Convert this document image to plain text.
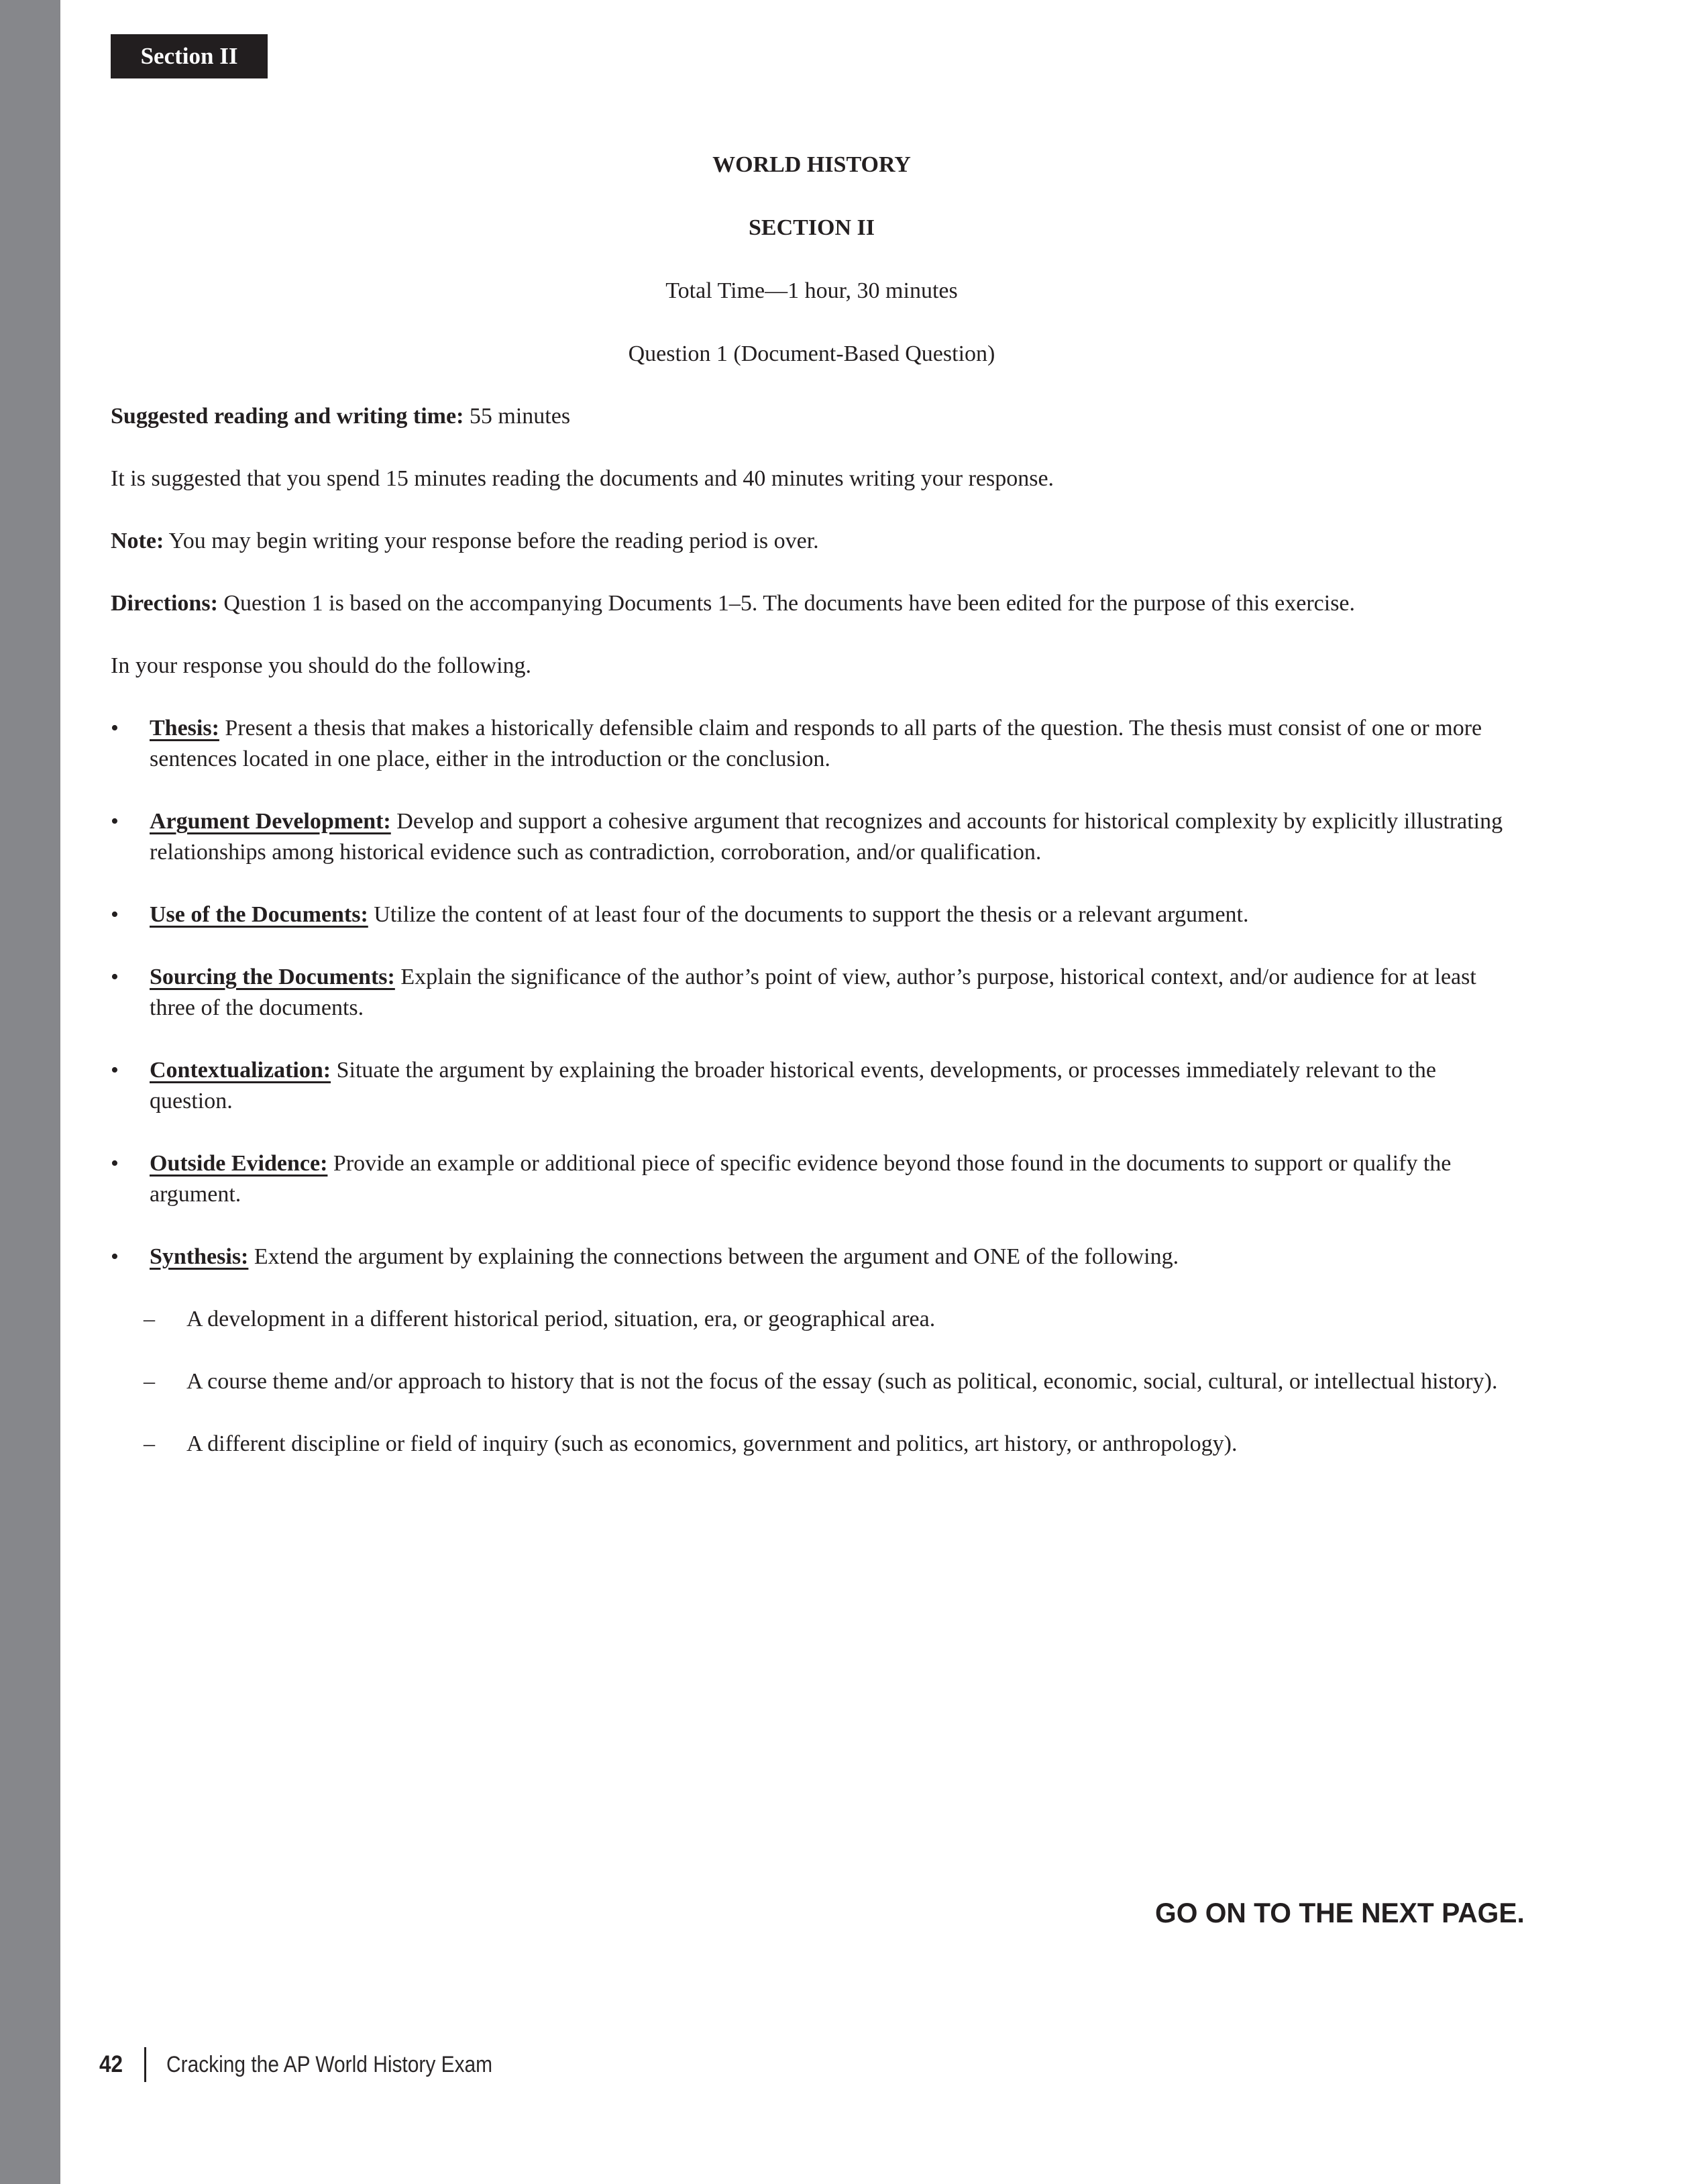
Section II
WORLD HISTORY
SECTION II
Total Time—1 hour, 30 minutes
Question 1 (Document-Based Question)

Suggested reading and writing time: 55 minutes

It is suggested that you spend 15 minutes reading the documents and 40 minutes writing your response.

Note: You may begin writing your response before the reading period is over.

Directions: Question 1 is based on the accompanying Documents 1–5. The documents have been edited for the purpose of this exercise.

In your response you should do the following.

• Thesis: Present a thesis that makes a historically defensible claim and responds to all parts of the question. The thesis must consist of one or more sentences located in one place, either in the introduction or the conclusion.
• Argument Development: Develop and support a cohesive argument that recognizes and accounts for historical complexity by explicitly illustrating relationships among historical evidence such as contradiction, corroboration, and/or qualification.
• Use of the Documents: Utilize the content of at least four of the documents to support the thesis or a relevant argument.
• Sourcing the Documents: Explain the significance of the author’s point of view, author’s purpose, historical context, and/or audience for at least three of the documents.
• Contextualization: Situate the argument by explaining the broader historical events, developments, or processes immediately relevant to the question.
• Outside Evidence: Provide an example or additional piece of specific evidence beyond those found in the documents to support or qualify the argument.
• Synthesis: Extend the argument by explaining the connections between the argument and ONE of the following.
– A development in a different historical period, situation, era, or geographical area.
– A course theme and/or approach to history that is not the focus of the essay (such as political, economic, social, cultural, or intellectual history).
– A different discipline or field of inquiry (such as economics, government and politics, art history, or anthropology).
GO ON TO THE NEXT PAGE.
42 Cracking the AP World History Exam
